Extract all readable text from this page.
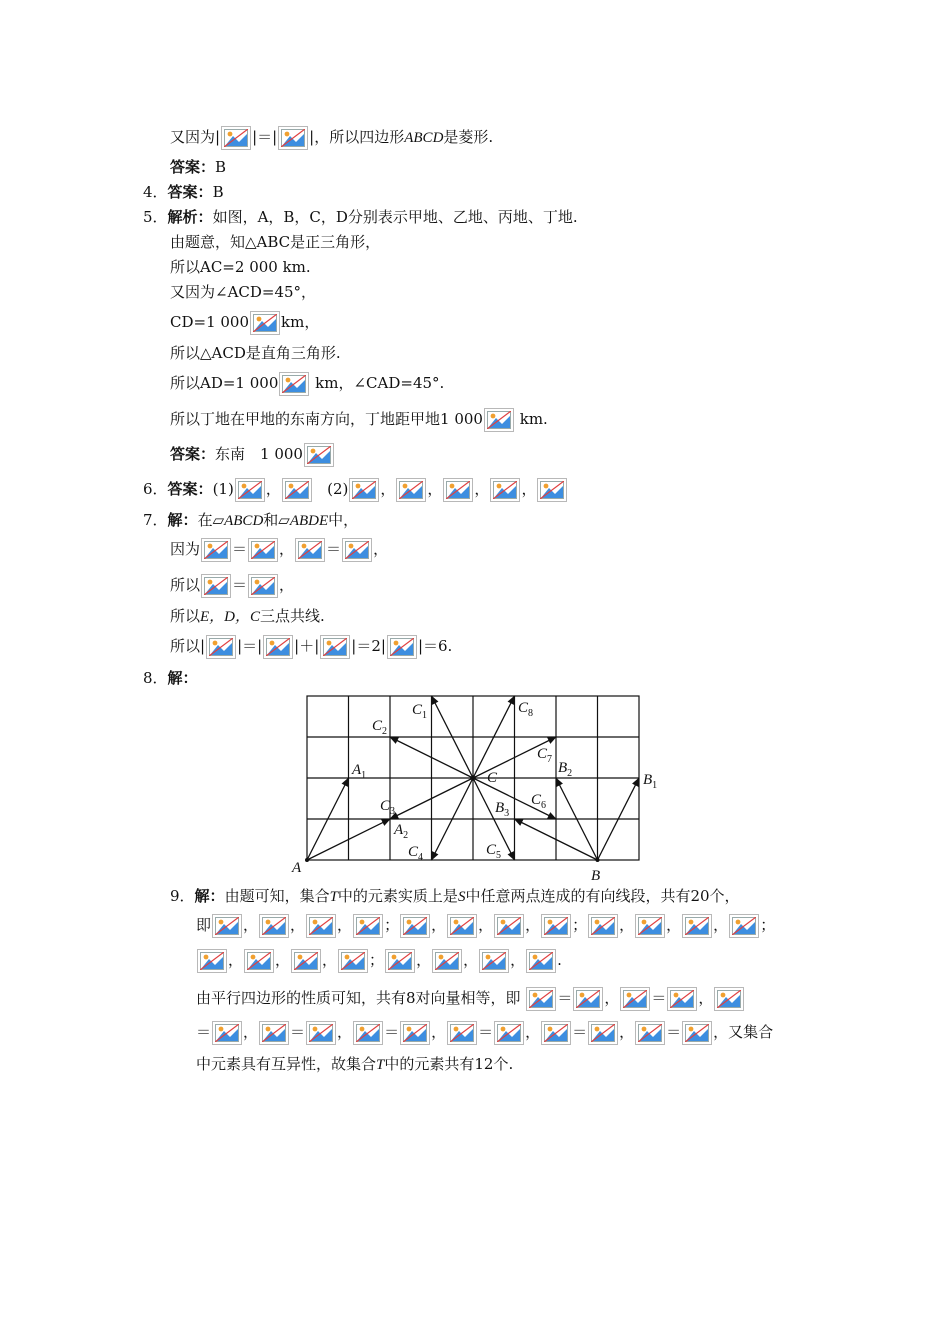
又因为| |＝| |，所以四边形ABCD是菱形.
答案：B
4．答案：B
5．解析：如图，A，B，C，D分别表示甲地、乙地、丙地、丁地.
由题意，知△ABC是正三角形，
所以AC=2 000 km.
又因为∠ACD=45°，
CD=1 000 km，
所以△ACD是直角三角形.
所以AD=1 000 km，∠CAD=45°.
所以丁地在甲地的东南方向，丁地距甲地1 000 km.
答案：东南　1 000
6．答案：(1) ，	(2) ， ， ， ，
7．解：在▱ABCD和▱ABDE中，
因为 ＝ ， ＝ ，
所以 ＝ ，
所以E，D，C三点共线.
所以| |＝| |＋| |＝2| |＝6.
8．解：
A	B
C
$A_1$
$A_2$
$B_1$
$B_2$
$B_3$
$C_1$
$C_2$
$C_3$
$C_4$	$C_5$
$C_6$
$C_7$
$C_8$
9．解：由题可知，集合T中的元素实质上是S中任意两点连成的有向线段，共有20个，
即 ， ， ， ； ， ， ， ； ， ， ， ；
， ， ， ； ， ， ， .
由平行四边形的性质可知，共有8对向量相等，即 ＝ ， ＝ ，
＝ ， ＝ ， ＝ ， ＝ ， ＝ ， ＝ ，又集合
中元素具有互异性，故集合T中的元素共有12个.
